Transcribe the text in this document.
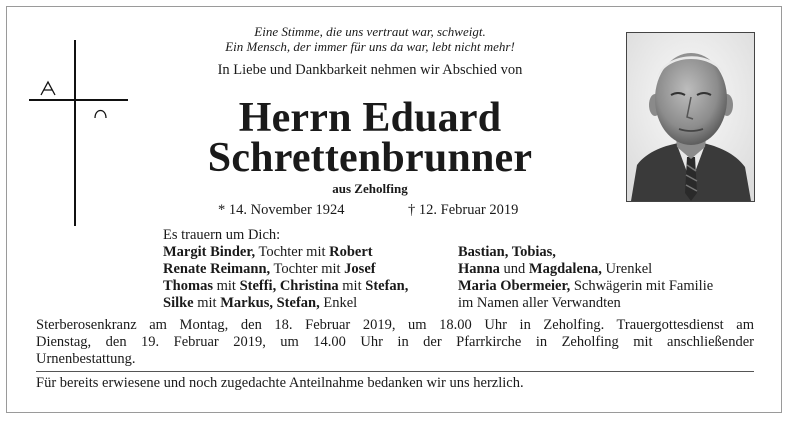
Eine Stimme, die uns vertraut war, schweigt.
Ein Mensch, der immer für uns da war, lebt nicht mehr!
In Liebe und Dankbarkeit nehmen wir Abschied von
Herrn Eduard
Schrettenbrunner
aus Zeholfing
* 14. November 1924	† 12. Februar 2019
Es trauern um Dich:
Margit Binder, Tochter mit Robert
Renate Reimann, Tochter mit Josef
Thomas mit Steffi, Christina mit Stefan,
Silke mit Markus, Stefan, Enkel
Bastian, Tobias,
Hanna und Magdalena, Urenkel
Maria Obermeier, Schwägerin mit Familie
im Namen aller Verwandten
Sterberosenkranz am Montag, den 18. Februar 2019, um 18.00 Uhr in Zeholfing. Trauergottesdienst am
Dienstag, den 19. Februar 2019, um 14.00 Uhr in der Pfarrkirche in Zeholfing mit anschließender
Urnenbestattung.
Für bereits erwiesene und noch zugedachte Anteilnahme bedanken wir uns herzlich.
